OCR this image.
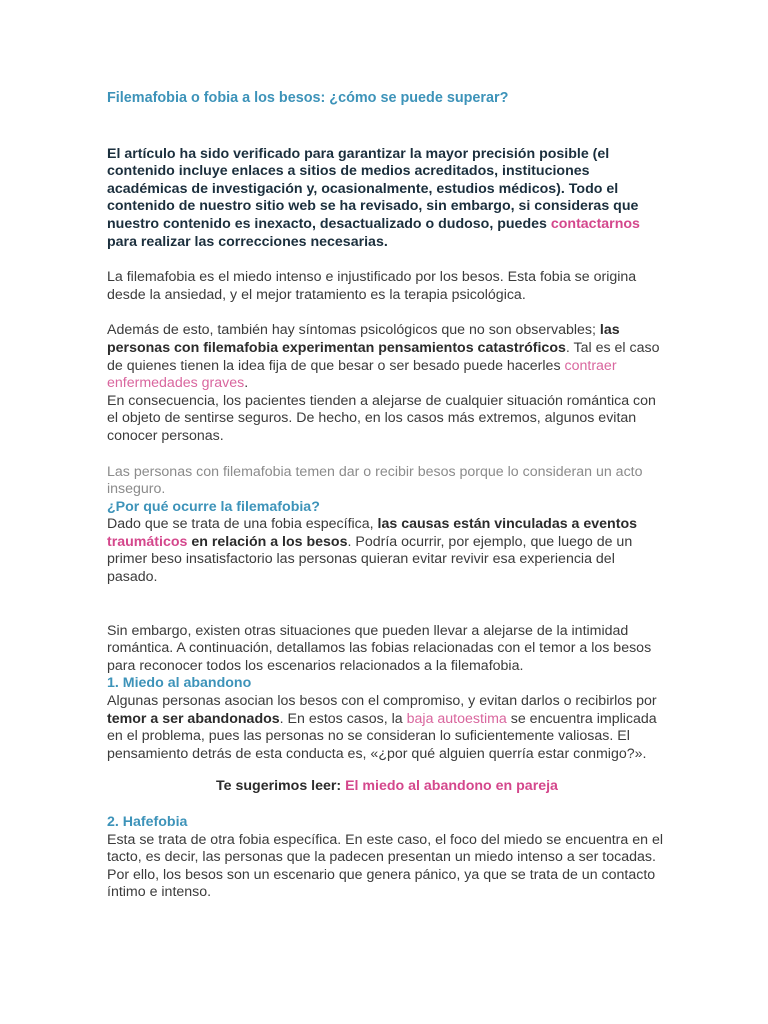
Filemafobia o fobia a los besos: ¿cómo se puede superar?

El artículo ha sido verificado para garantizar la mayor precisión posible (el contenido incluye enlaces a sitios de medios acreditados, instituciones académicas de investigación y, ocasionalmente, estudios médicos). Todo el contenido de nuestro sitio web se ha revisado, sin embargo, si consideras que nuestro contenido es inexacto, desactualizado o dudoso, puedes contactarnos para realizar las correcciones necesarias.

La filemafobia es el miedo intenso e injustificado por los besos. Esta fobia se origina desde la ansiedad, y el mejor tratamiento es la terapia psicológica.

Además de esto, también hay síntomas psicológicos que no son observables; las personas con filemafobia experimentan pensamientos catastróficos. Tal es el caso de quienes tienen la idea fija de que besar o ser besado puede hacerles contraer enfermedades graves.

En consecuencia, los pacientes tienden a alejarse de cualquier situación romántica con el objeto de sentirse seguros. De hecho, en los casos más extremos, algunos evitan conocer personas.

Las personas con filemafobia temen dar o recibir besos porque lo consideran un acto inseguro.

¿Por qué ocurre la filemafobia?

Dado que se trata de una fobia específica, las causas están vinculadas a eventos traumáticos en relación a los besos. Podría ocurrir, por ejemplo, que luego de un primer beso insatisfactorio las personas quieran evitar revivir esa experiencia del pasado.

Sin embargo, existen otras situaciones que pueden llevar a alejarse de la intimidad romántica. A continuación, detallamos las fobias relacionadas con el temor a los besos para reconocer todos los escenarios relacionados a la filemafobia.

1. Miedo al abandono

Algunas personas asocian los besos con el compromiso, y evitan darlos o recibirlos por temor a ser abandonados. En estos casos, la baja autoestima se encuentra implicada en el problema, pues las personas no se consideran lo suficientemente valiosas. El pensamiento detrás de esta conducta es, «¿por qué alguien querría estar conmigo?».

Te sugerimos leer: El miedo al abandono en pareja

2. Hafefobia

Esta se trata de otra fobia específica. En este caso, el foco del miedo se encuentra en el tacto, es decir, las personas que la padecen presentan un miedo intenso a ser tocadas. Por ello, los besos son un escenario que genera pánico, ya que se trata de un contacto íntimo e intenso.
